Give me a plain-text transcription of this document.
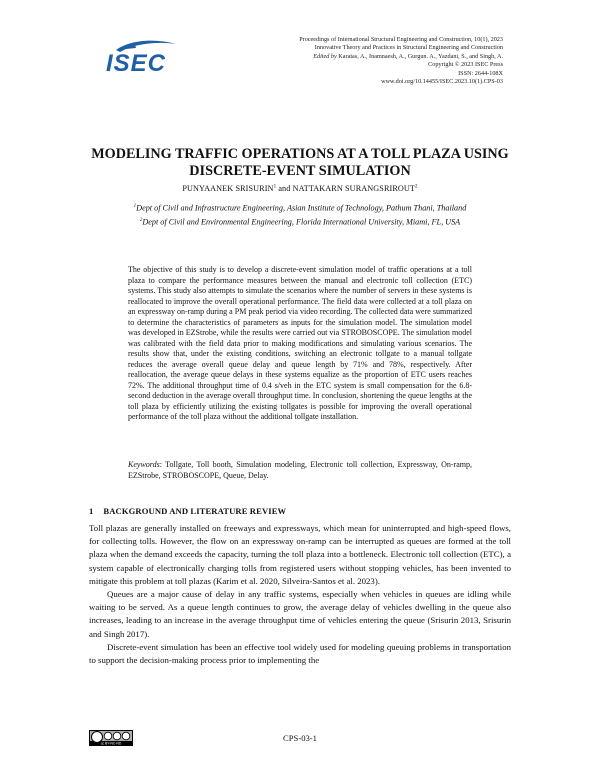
ISEC
Proceedings of International Structural Engineering and Construction, 10(1), 2023
Innovative Theory and Practices in Structural Engineering and Construction
Edited by Karatas, A., Inamnaesh, A., Gurgun. A., Yazdani, S., and Singh, A.
Copyright © 2023 ISEC Press
ISSN: 2644-108X
www.doi.org/10.14455/ISEC.2023.10(1).CPS-03
MODELING TRAFFIC OPERATIONS AT A TOLL PLAZA USING DISCRETE-EVENT SIMULATION
PUNYAANEK SRISURIN$^1$ and NATTAKARN SURANGSRIROUT$^2$

$^1$Dept of Civil and Infrastructure Engineering, Asian Institute of Technology, Pathum Thani, Thailand

$^2$Dept of Civil and Environmental Engineering, Florida International University, Miami, FL, USA

The objective of this study is to develop a discrete-event simulation model of traffic operations at a toll plaza to compare the performance measures between the manual and electronic toll collection (ETC) systems. This study also attempts to simulate the scenarios where the number of servers in these systems is reallocated to improve the overall operational performance. The field data were collected at a toll plaza on an expressway on-ramp during a PM peak period via video recording. The collected data were summarized to determine the characteristics of parameters as inputs for the simulation model. The simulation model was developed in EZStrobe, while the results were carried out via STROBOSCOPE. The simulation model was calibrated with the field data prior to making modifications and simulating various scenarios. The results show that, under the existing conditions, switching an electronic tollgate to a manual tollgate reduces the average overall queue delay and queue length by 71% and 78%, respectively. After reallocation, the average queue delays in these systems equalize as the proportion of ETC users reaches 72%. The additional throughput time of 0.4 s/veh in the ETC system is small compensation for the 6.8-second deduction in the average overall throughput time. In conclusion, shortening the queue lengths at the toll plaza by efficiently utilizing the existing tollgates is possible for improving the overall operational performance of the toll plaza without the additional tollgate installation.

Keywords: Tollgate, Toll booth, Simulation modeling, Electronic toll collection, Expressway, On-ramp, EZStrobe, STROBOSCOPE, Queue, Delay.
1 BACKGROUND AND LITERATURE REVIEW

Toll plazas are generally installed on freeways and expressways, which mean for uninterrupted and high-speed flows, for collecting tolls. However, the flow on an expressway on-ramp can be interrupted as queues are formed at the toll plaza when the demand exceeds the capacity, turning the toll plaza into a bottleneck. Electronic toll collection (ETC), a system capable of electronically charging tolls from registered users without stopping vehicles, has been invented to mitigate this problem at toll plazas (Karim et al. 2020, Silveira-Santos et al. 2023).

Queues are a major cause of delay in any traffic systems, especially when vehicles in queues are idling while waiting to be served. As a queue length continues to grow, the average delay of vehicles dwelling in the queue also increases, leading to an increase in the average throughput time of vehicles entering the queue (Srisurin 2013, Srisurin and Singh 2017).

Discrete-event simulation has been an effective tool widely used for modeling queuing problems in transportation to support the decision-making process prior to implementing the

cc BY-NC-ND
CPS-03-1
